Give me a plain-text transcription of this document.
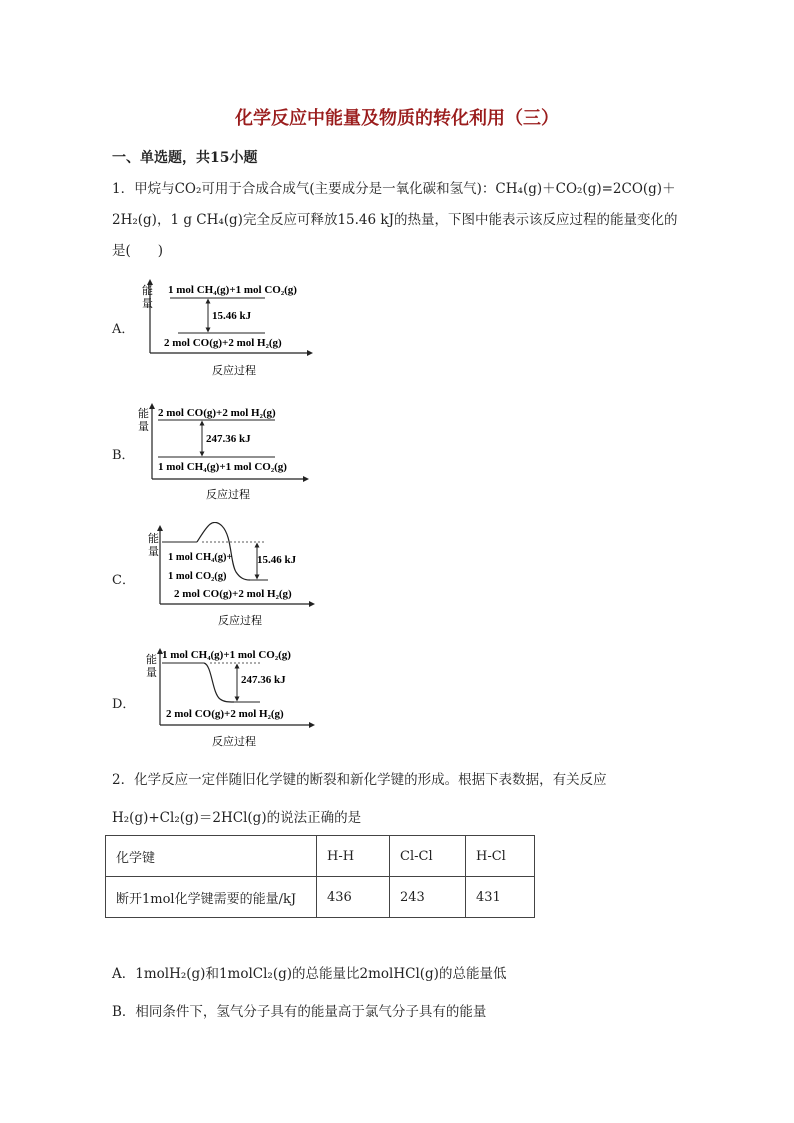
化学反应中能量及物质的转化利用（三）
一、单选题，共15小题
1．甲烷与CO₂可用于合成合成气(主要成分是一氧化碳和氢气)：CH₄(g)＋CO₂(g)=2CO(g)＋
2H₂(g)，1 g CH₄(g)完全反应可释放15.46 kJ的热量，下图中能表示该反应过程的能量变化的
是(　　)
A．
能
量
1 mol CH₄(g)+1 mol CO₂(g)
2 mol CO(g)+2 mol H₂(g)
15.46 kJ
反应过程
B．
能
量
2 mol CO(g)+2 mol H₂(g)
1 mol CH₄(g)+1 mol CO₂(g)
247.36 kJ
反应过程
C．
能
量
15.46 kJ
1 mol CH₄(g)+
1 mol CO₂(g)
2 mol CO(g)+2 mol H₂(g)
反应过程
D．
能
量
1 mol CH₄(g)+1 mol CO₂(g)
247.36 kJ
2 mol CO(g)+2 mol H₂(g)
反应过程
2．化学反应一定伴随旧化学键的断裂和新化学键的形成。根据下表数据，有关反应
H₂(g)+Cl₂(g)＝2HCl(g)的说法正确的是
化学键	H-H	Cl-Cl	H-Cl
断开1mol化学键需要的能量/kJ	436	243	431
A．1molH₂(g)和1molCl₂(g)的总能量比2molHCl(g)的总能量低
B．相同条件下，氢气分子具有的能量高于氯气分子具有的能量
